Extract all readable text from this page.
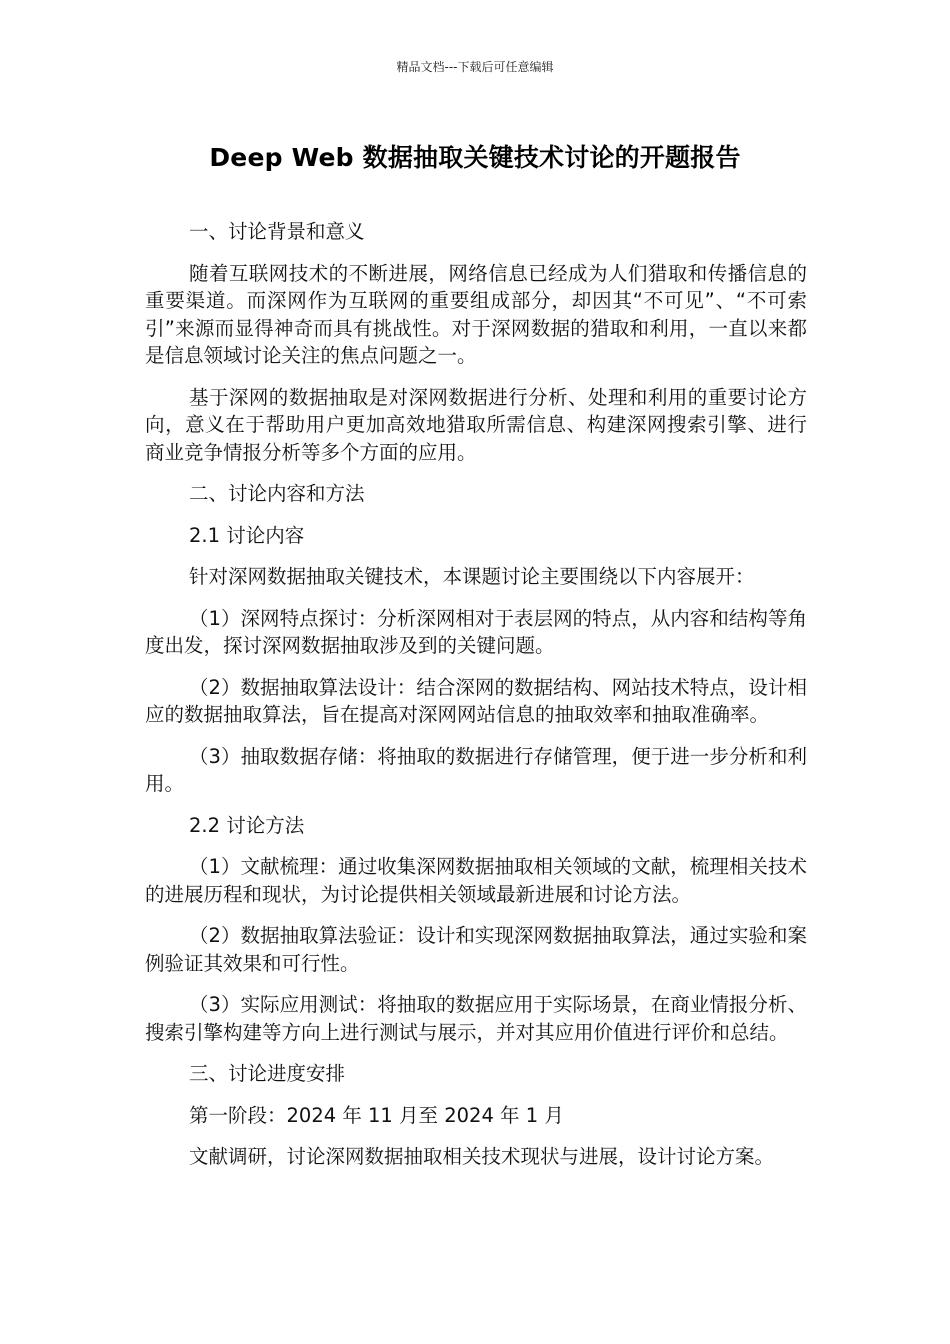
精品文档---下载后可任意编辑
Deep Web 数据抽取关键技术讨论的开题报告

一、讨论背景和意义

随着互联网技术的不断进展，网络信息已经成为人们猎取和传播信息的重要渠道。而深网作为互联网的重要组成部分，却因其“不可见”、“不可索引”来源而显得神奇而具有挑战性。对于深网数据的猎取和利用，一直以来都是信息领域讨论关注的焦点问题之一。

基于深网的数据抽取是对深网数据进行分析、处理和利用的重要讨论方向，意义在于帮助用户更加高效地猎取所需信息、构建深网搜索引擎、进行商业竞争情报分析等多个方面的应用。

二、讨论内容和方法

2.1 讨论内容

针对深网数据抽取关键技术，本课题讨论主要围绕以下内容展开：

（1）深网特点探讨：分析深网相对于表层网的特点，从内容和结构等角度出发，探讨深网数据抽取涉及到的关键问题。

（2）数据抽取算法设计：结合深网的数据结构、网站技术特点，设计相应的数据抽取算法，旨在提高对深网网站信息的抽取效率和抽取准确率。

（3）抽取数据存储：将抽取的数据进行存储管理，便于进一步分析和利用。

2.2 讨论方法

（1）文献梳理：通过收集深网数据抽取相关领域的文献，梳理相关技术的进展历程和现状，为讨论提供相关领域最新进展和讨论方法。

（2）数据抽取算法验证：设计和实现深网数据抽取算法，通过实验和案例验证其效果和可行性。

（3）实际应用测试：将抽取的数据应用于实际场景，在商业情报分析、搜索引擎构建等方向上进行测试与展示，并对其应用价值进行评价和总结。

三、讨论进度安排

第一阶段：2024 年 11 月至 2024 年 1 月

文献调研，讨论深网数据抽取相关技术现状与进展，设计讨论方案。
